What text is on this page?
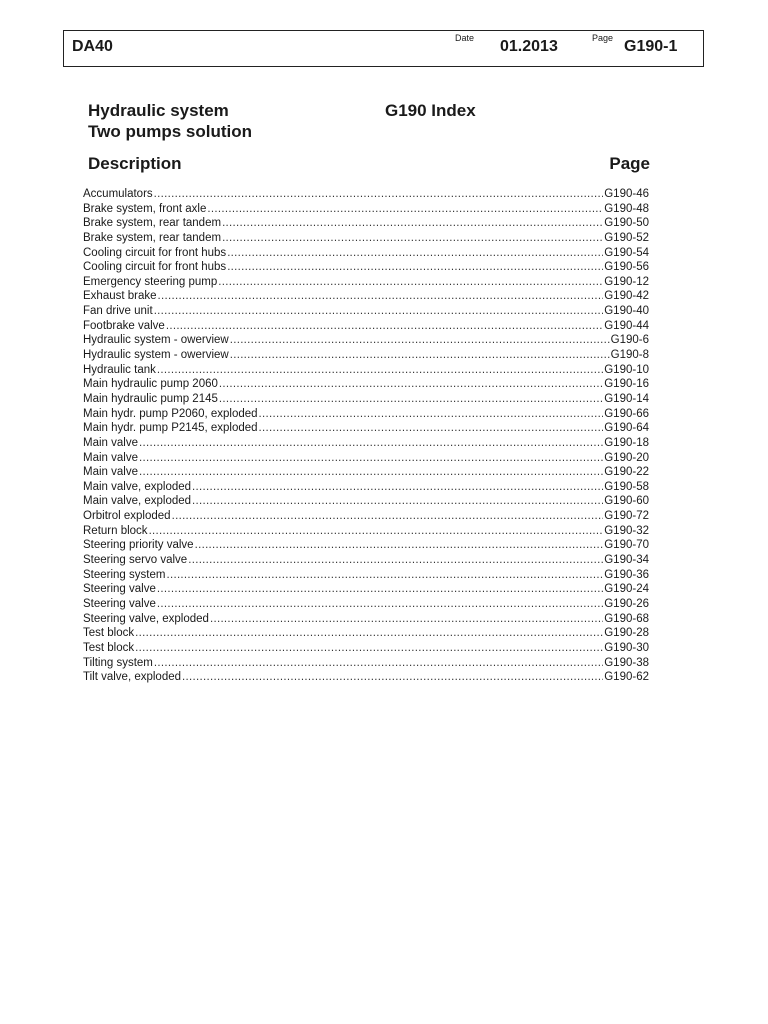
DA40	Date 01.2013	Page G190-1
Hydraulic system
Two pumps solution
G190 Index
Description	Page
Accumulators .....	G190-46
Brake system, front axle .....	G190-48
Brake system, rear tandem .....	G190-50
Brake system, rear tandem .....	G190-52
Cooling circuit for front hubs .....	G190-54
Cooling circuit for front hubs .....	G190-56
Emergency steering pump .....	G190-12
Exhaust brake .....	G190-42
Fan drive unit .....	G190-40
Footbrake valve .....	G190-44
Hydraulic system - owerview .....	G190-6
Hydraulic system - owerview .....	G190-8
Hydraulic tank .....	G190-10
Main hydraulic pump 2060 .....	G190-16
Main hydraulic pump 2145 .....	G190-14
Main hydr. pump P2060, exploded .....	G190-66
Main hydr. pump P2145, exploded .....	G190-64
Main valve .....	G190-18
Main valve .....	G190-20
Main valve .....	G190-22
Main valve, exploded .....	G190-58
Main valve, exploded .....	G190-60
Orbitrol exploded .....	G190-72
Return block .....	G190-32
Steering priority valve .....	G190-70
Steering servo valve .....	G190-34
Steering system .....	G190-36
Steering valve .....	G190-24
Steering valve .....	G190-26
Steering valve, exploded .....	G190-68
Test block .....	G190-28
Test block .....	G190-30
Tilting system .....	G190-38
Tilt valve, exploded .....	G190-62
